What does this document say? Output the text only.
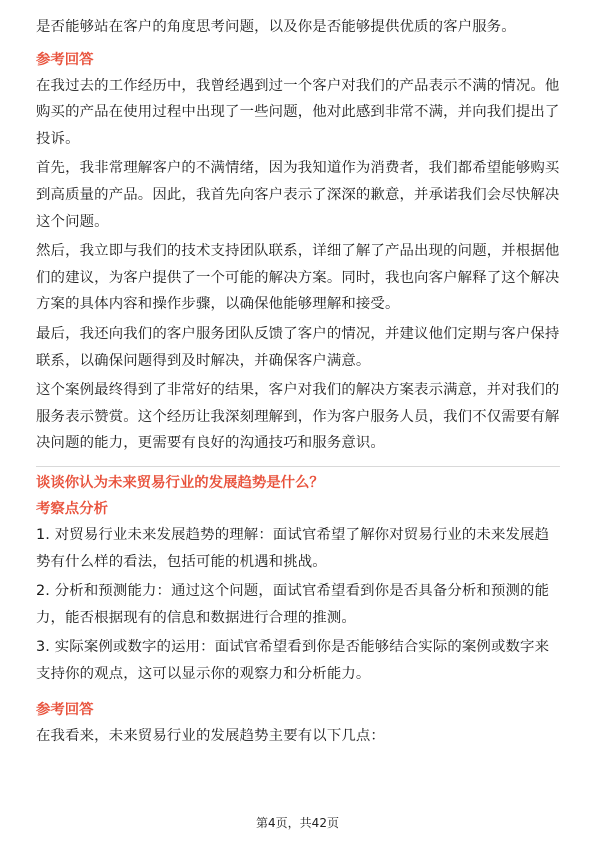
是否能够站在客户的角度思考问题，以及你是否能够提供优质的客户服务。

参考回答

在我过去的工作经历中，我曾经遇到过一个客户对我们的产品表示不满的情况。他购买的产品在使用过程中出现了一些问题，他对此感到非常不满，并向我们提出了投诉。

首先，我非常理解客户的不满情绪，因为我知道作为消费者，我们都希望能够购买到高质量的产品。因此，我首先向客户表示了深深的歉意，并承诺我们会尽快解决这个问题。

然后，我立即与我们的技术支持团队联系，详细了解了产品出现的问题，并根据他们的建议，为客户提供了一个可能的解决方案。同时，我也向客户解释了这个解决方案的具体内容和操作步骤，以确保他能够理解和接受。

最后，我还向我们的客户服务团队反馈了客户的情况，并建议他们定期与客户保持联系，以确保问题得到及时解决，并确保客户满意。

这个案例最终得到了非常好的结果，客户对我们的解决方案表示满意，并对我们的服务表示赞赏。这个经历让我深刻理解到，作为客户服务人员，我们不仅需要有解决问题的能力，更需要有良好的沟通技巧和服务意识。

谈谈你认为未来贸易行业的发展趋势是什么？
考察点分析

1. 对贸易行业未来发展趋势的理解：面试官希望了解你对贸易行业的未来发展趋势有什么样的看法，包括可能的机遇和挑战。

2. 分析和预测能力：通过这个问题，面试官希望看到你是否具备分析和预测的能力，能否根据现有的信息和数据进行合理的推测。

3. 实际案例或数字的运用：面试官希望看到你是否能够结合实际的案例或数字来支持你的观点，这可以显示你的观察力和分析能力。

参考回答

在我看来，未来贸易行业的发展趋势主要有以下几点：

第4页，共42页
